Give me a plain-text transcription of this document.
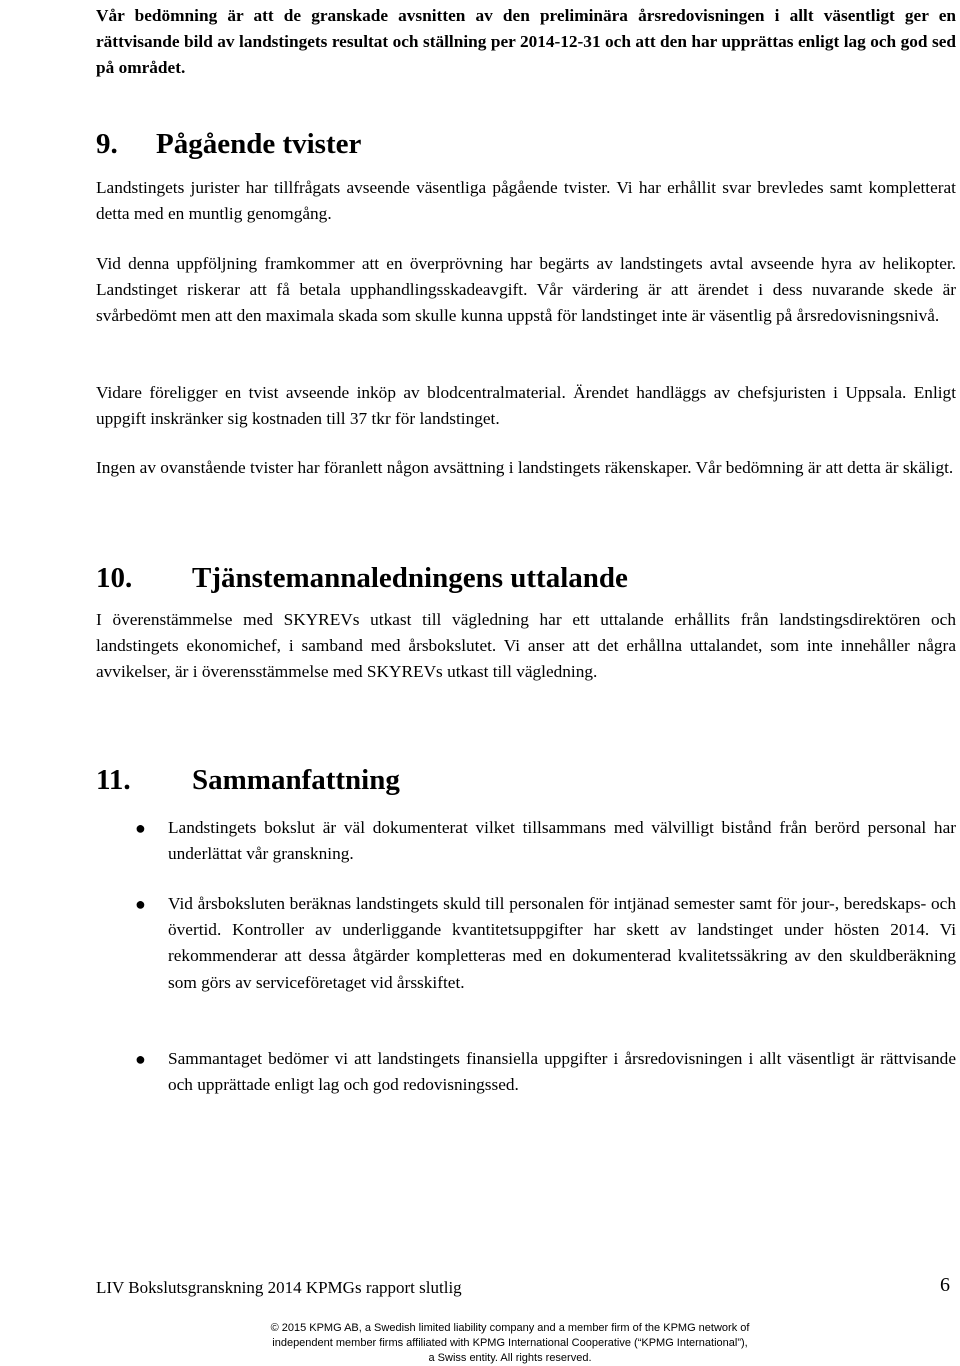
Vår bedömning är att de granskade avsnitten av den preliminära årsredovisningen i allt väsentligt ger en rättvisande bild av landstingets resultat och ställning per 2014-12-31 och att den har upprättas enligt lag och god sed på området.

9. Pågående tvister

Landstingets jurister har tillfrågats avseende väsentliga pågående tvister. Vi har erhållit svar brevledes samt kompletterat detta med en muntlig genomgång.

Vid denna uppföljning framkommer att en överprövning har begärts av landstingets avtal avseende hyra av helikopter. Landstinget riskerar att få betala upphandlingsskadeavgift. Vår värdering är att ärendet i dess nuvarande skede är svårbedömt men att den maximala skada som skulle kunna uppstå för landstinget inte är väsentlig på årsredovisningsnivå.

Vidare föreligger en tvist avseende inköp av blodcentralmaterial. Ärendet handläggs av chefsjuristen i Uppsala. Enligt uppgift inskränker sig kostnaden till 37 tkr för landstinget.

Ingen av ovanstående tvister har föranlett någon avsättning i landstingets räkenskaper. Vår bedömning är att detta är skäligt.

10.

I överenstämmelse med SKYREVs utkast till vägledning har ett uttalande erhållits från landstingsdirektören och landstingets ekonomichef, i samband med årsbokslutet. Vi anser att det erhållna uttalandet, som inte innehåller några avvikelser, är i överensstämmelse med SKYREVs utkast till vägledning.

11.
● Landstingets bokslut är väl dokumenterat vilket tillsammans med välvilligt bistånd från berörd personal har underlättat vår granskning.

● Vid årsboksluten beräknas landstingets skuld till personalen för intjänad semester samt för jour-, beredskaps- och övertid. Kontroller av underliggande kvantitetsuppgifter har skett av landstinget under hösten 2014. Vi rekommenderar att dessa åtgärder kompletteras med en dokumenterad kvalitetssäkring av den skuldberäkning som görs av serviceföretaget vid årsskiftet.

● Sammantaget bedömer vi att landstingets finansiella uppgifter i årsredovisningen i allt väsentligt är rättvisande och upprättade enligt lag och god redovisningssed.

Tjänstemannaledningens uttalande
Sammanfattning
LIV Bokslutsgranskning 2014 KPMGs rapport slutlig	6
© 2015 KPMG AB, a Swedish limited liability company and a member firm of the KPMG network of independent member firms affiliated with KPMG International Cooperative (“KPMG International”), a Swiss entity. All rights reserved.
